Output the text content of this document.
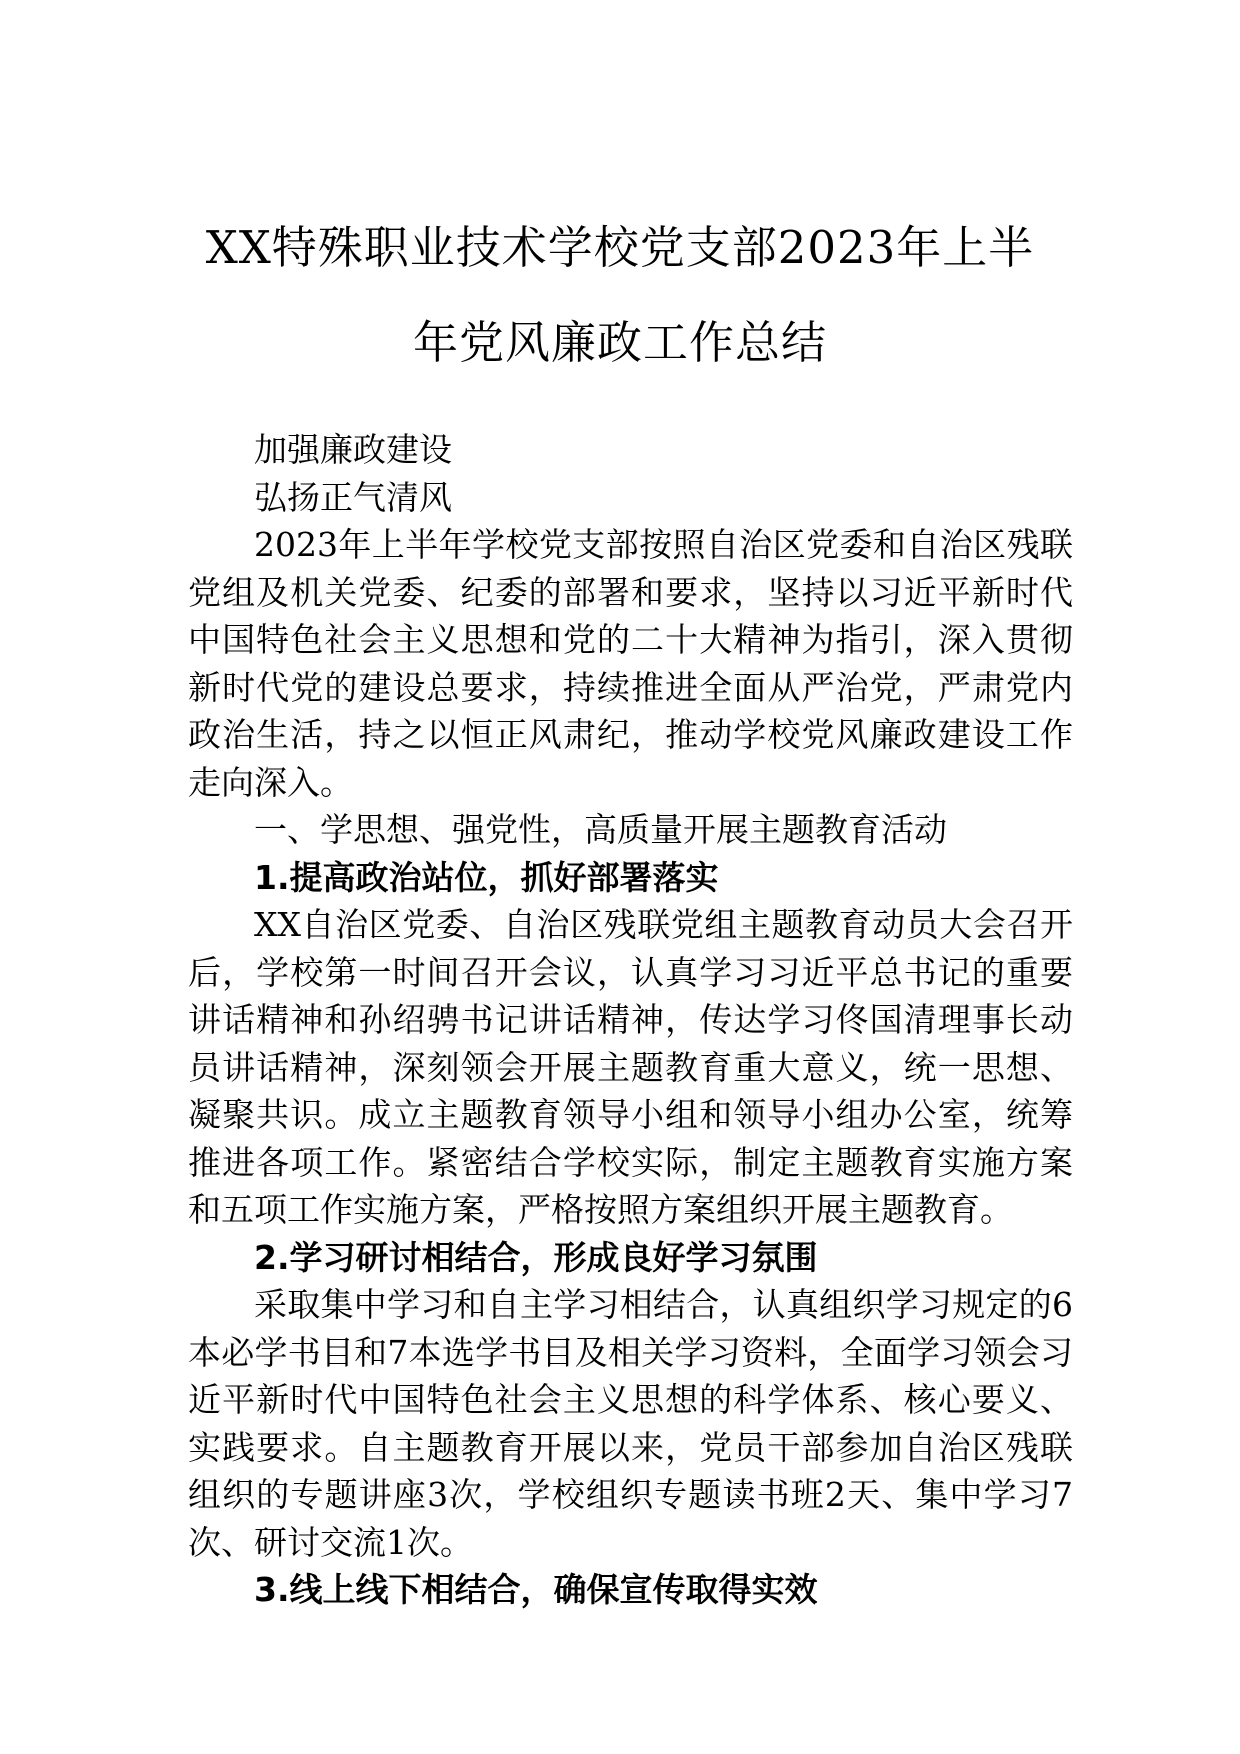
XX特殊职业技术学校党支部2023年上半
年党风廉政工作总结

加强廉政建设

弘扬正气清风

2023年上半年学校党支部按照自治区党委和自治区残联党组及机关党委、纪委的部署和要求，坚持以习近平新时代中国特色社会主义思想和党的二十大精神为指引，深入贯彻新时代党的建设总要求，持续推进全面从严治党，严肃党内政治生活，持之以恒正风肃纪，推动学校党风廉政建设工作走向深入。

一、学思想、强党性，高质量开展主题教育活动

1.提高政治站位，抓好部署落实

XX自治区党委、自治区残联党组主题教育动员大会召开后，学校第一时间召开会议，认真学习习近平总书记的重要讲话精神和孙绍骋书记讲话精神，传达学习佟国清理事长动员讲话精神，深刻领会开展主题教育重大意义，统一思想、凝聚共识。成立主题教育领导小组和领导小组办公室，统筹推进各项工作。紧密结合学校实际，制定主题教育实施方案和五项工作实施方案，严格按照方案组织开展主题教育。

2.学习研讨相结合，形成良好学习氛围

采取集中学习和自主学习相结合，认真组织学习规定的6本必学书目和7本选学书目及相关学习资料，全面学习领会习近平新时代中国特色社会主义思想的科学体系、核心要义、实践要求。自主题教育开展以来，党员干部参加自治区残联组织的专题讲座3次，学校组织专题读书班2天、集中学习7次、研讨交流1次。

3.线上线下相结合，确保宣传取得实效
